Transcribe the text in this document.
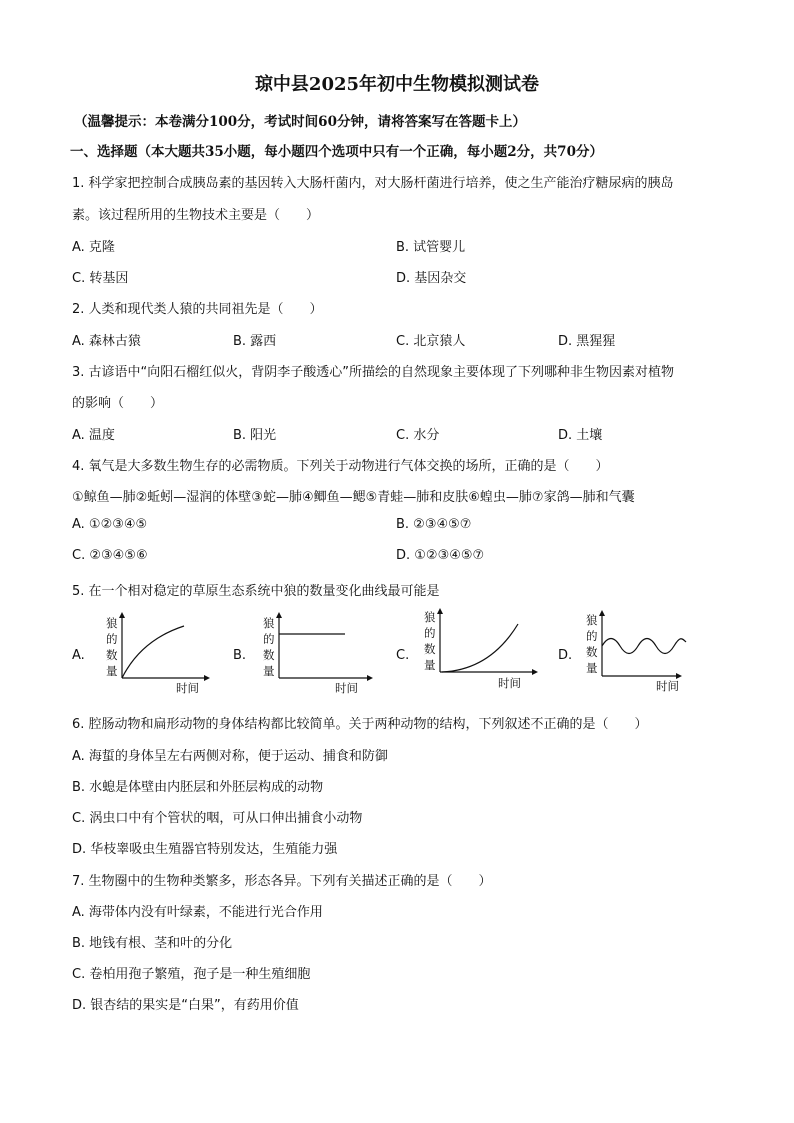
琼中县2025年初中生物模拟测试卷
（温馨提示：本卷满分100分，考试时间60分钟，请将答案写在答题卡上）
一、选择题（本大题共35小题，每小题四个选项中只有一个正确，每小题2分，共70分）
1. 科学家把控制合成胰岛素的基因转入大肠杆菌内，对大肠杆菌进行培养，使之生产能治疗糖尿病的胰岛
素。该过程所用的生物技术主要是（　　）
A. 克隆	B. 试管婴儿
C. 转基因	D. 基因杂交
2. 人类和现代类人猿的共同祖先是（　　）
A. 森林古猿	B. 露西	C. 北京猿人	D. 黑猩猩
3. 古谚语中“向阳石榴红似火，背阴李子酸透心”所描绘的自然现象主要体现了下列哪种非生物因素对植物
的影响（　　）
A. 温度	B. 阳光	C. 水分	D. 土壤
4. 氧气是大多数生物生存的必需物质。下列关于动物进行气体交换的场所，正确的是（　　）
①鲸鱼—肺②蚯蚓—湿润的体壁③蛇—肺④鲫鱼—鳃⑤青蛙—肺和皮肤⑥蝗虫—肺⑦家鸽—肺和气囊
A. ①②③④⑤	B. ②③④⑤⑦
C. ②③④⑤⑥	D. ①②③④⑤⑦
5. 在一个相对稳定的草原生态系统中狼的数量变化曲线最可能是
A.	B.	C.	D.
狼
的
数
量
时间
狼
的
数
量
时间
狼
的
数
量
时间
狼
的
数
量
时间
6. 腔肠动物和扁形动物的身体结构都比较简单。关于两种动物的结构，下列叙述不正确的是（　　）
A. 海蜇的身体呈左右两侧对称，便于运动、捕食和防御
B. 水螅是体壁由内胚层和外胚层构成的动物
C. 涡虫口中有个管状的咽，可从口伸出捕食小动物
D. 华枝睾吸虫生殖器官特别发达，生殖能力强
7. 生物圈中的生物种类繁多，形态各异。下列有关描述正确的是（　　）
A. 海带体内没有叶绿素，不能进行光合作用
B. 地钱有根、茎和叶的分化
C. 卷柏用孢子繁殖，孢子是一种生殖细胞
D. 银杏结的果实是“白果”，有药用价值
